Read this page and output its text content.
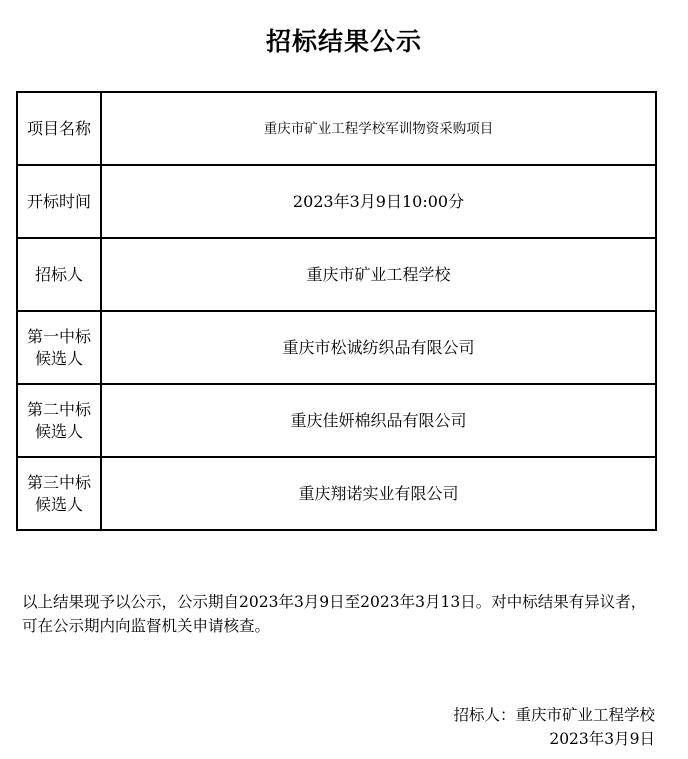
招标结果公示
项目名称	重庆市矿业工程学校军训物资采购项目
开标时间	2023年3月9日10:00分
招标人	重庆市矿业工程学校
第一中标候选人	重庆市松诚纺织品有限公司
第二中标候选人	重庆佳妍棉织品有限公司
第三中标候选人	重庆翔诺实业有限公司
以上结果现予以公示，公示期自2023年3月9日至2023年3月13日。对中标结果有异议者，可在公示期内向监督机关申请核查。
招标人：重庆市矿业工程学校
2023年3月9日
